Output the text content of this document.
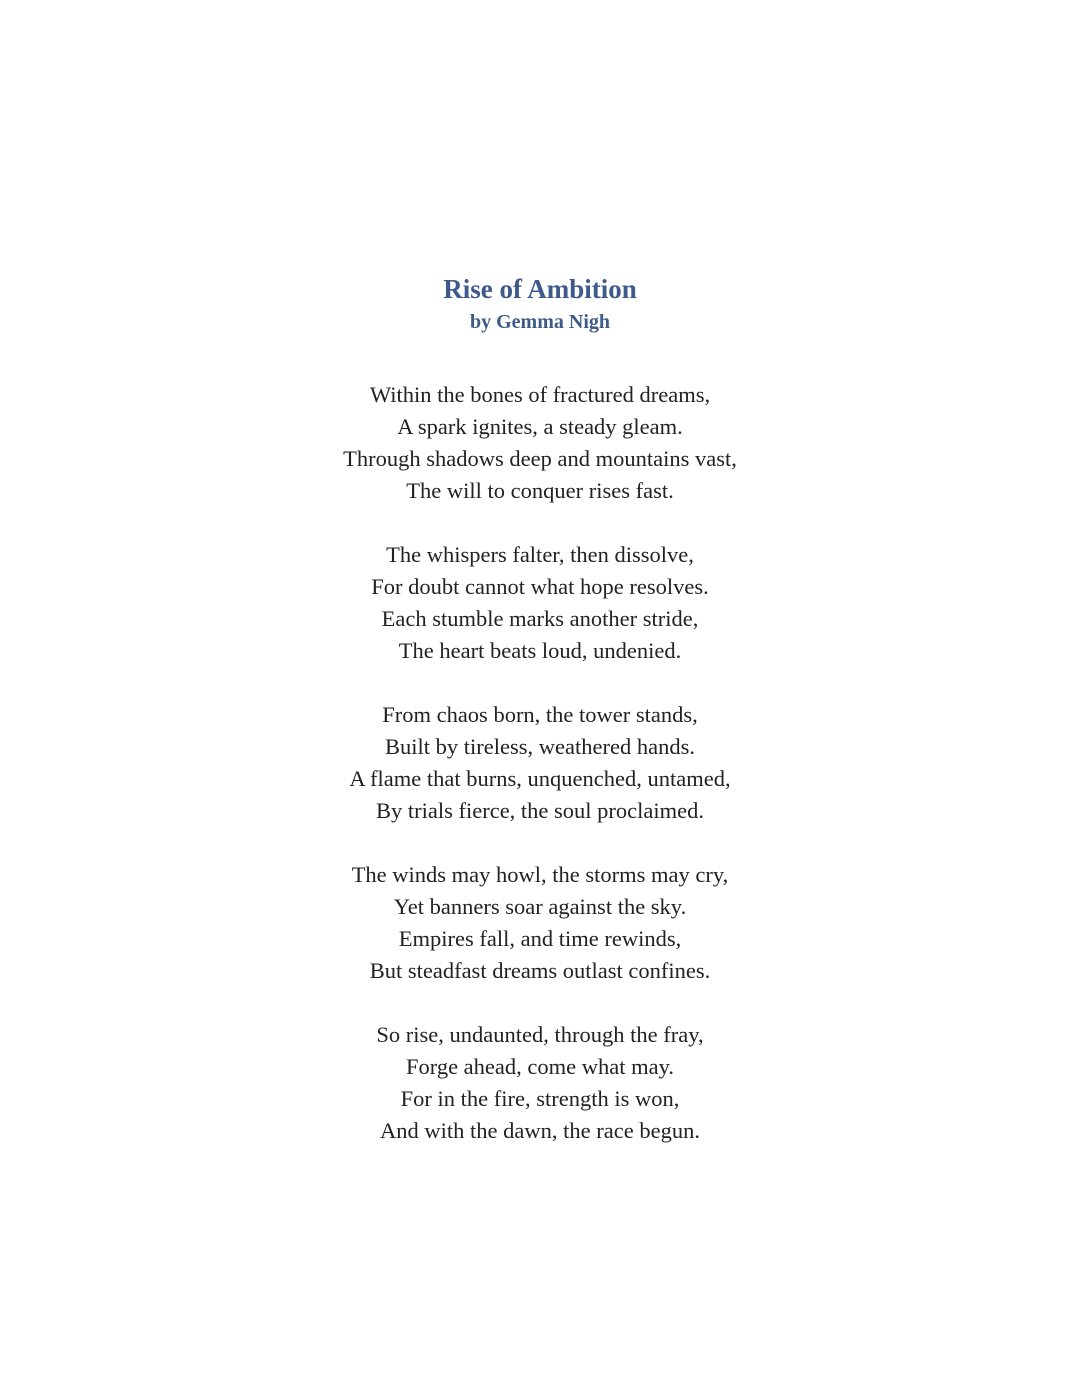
Rise of Ambition
by Gemma Nigh
Within the bones of fractured dreams,
A spark ignites, a steady gleam.
Through shadows deep and mountains vast,
The will to conquer rises fast.
The whispers falter, then dissolve,
For doubt cannot what hope resolves.
Each stumble marks another stride,
The heart beats loud, undenied.
From chaos born, the tower stands,
Built by tireless, weathered hands.
A flame that burns, unquenched, untamed,
By trials fierce, the soul proclaimed.
The winds may howl, the storms may cry,
Yet banners soar against the sky.
Empires fall, and time rewinds,
But steadfast dreams outlast confines.
So rise, undaunted, through the fray,
Forge ahead, come what may.
For in the fire, strength is won,
And with the dawn, the race begun.
